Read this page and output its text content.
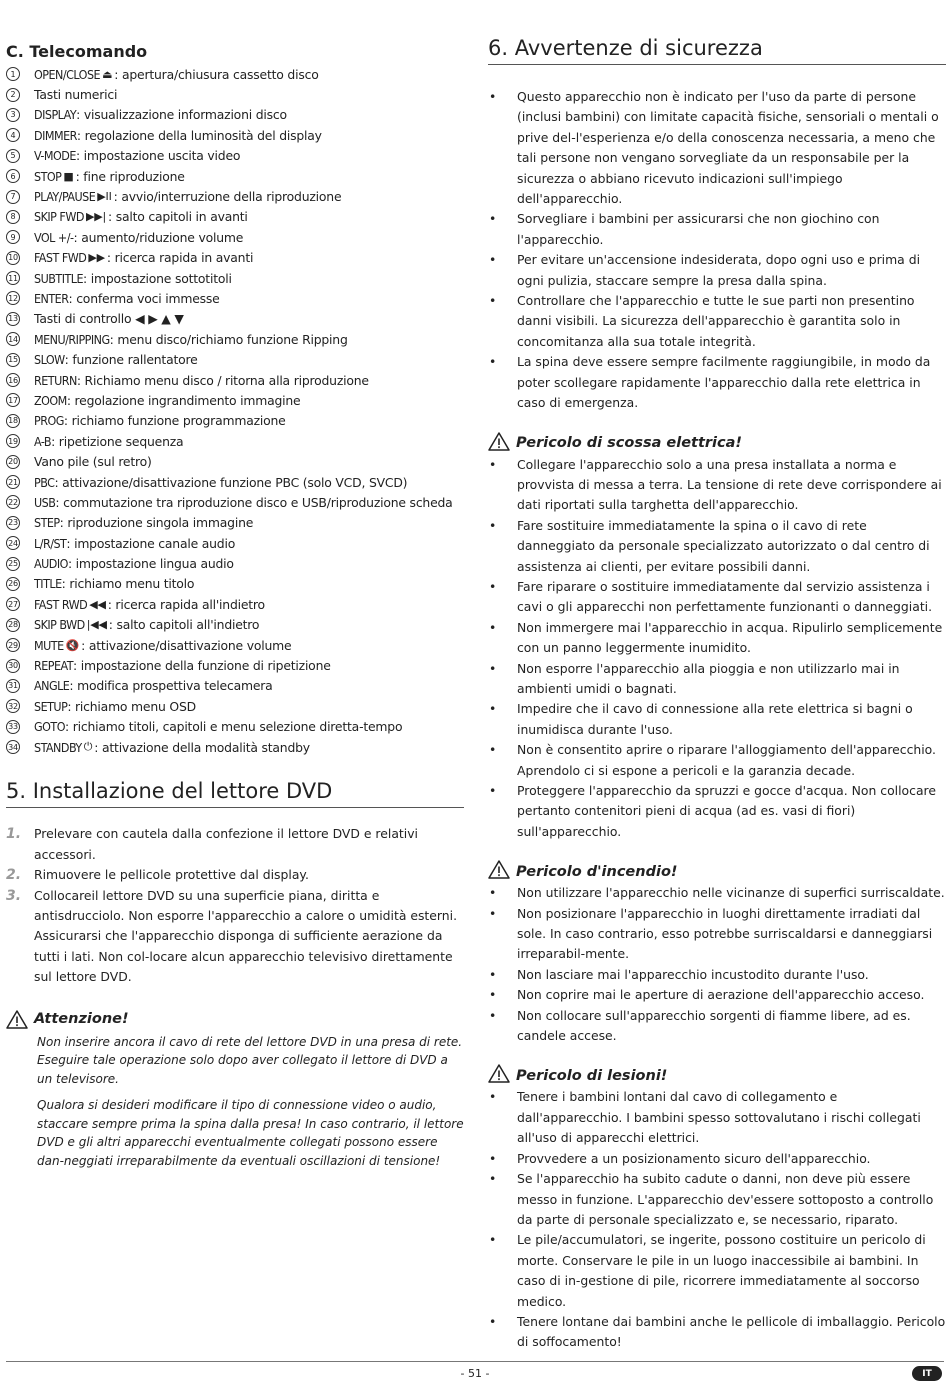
C. Telecomando
1	OPEN/CLOSE ⏏ : apertura/chiusura cassetto disco
2	Tasti numerici
3	DISPLAY : visualizzazione informazioni disco
4	DIMMER : regolazione della luminosità del display
5	V-MODE : impostazione uscita video
6	STOP ■ : fine riproduzione
7	PLAY/PAUSE ▶II : avvio/interruzione della riproduzione
8	SKIP FWD ▶▶| : salto capitoli in avanti
9	VOL +/- : aumento/riduzione volume
10 FAST FWD ▶▶ : ricerca rapida in avanti
11 SUBTITLE : impostazione sottotitoli
12 ENTER : conferma voci immesse
13 Tasti di controllo ◀ ▶ ▲ ▼
14 MENU/RIPPING : menu disco/richiamo funzione Ripping
15 SLOW : funzione rallentatore
16 RETURN : Richiamo menu disco / ritorna alla riproduzione
17 ZOOM : regolazione ingrandimento immagine
18 PROG : richiamo funzione programmazione
19 A-B : ripetizione sequenza
20 Vano pile (sul retro)
21 PBC : attivazione/disattivazione funzione PBC (solo VCD, SVCD)
22 USB : commutazione tra riproduzione disco e USB/riproduzione scheda
23 STEP : riproduzione singola immagine
24 L/R/ST : impostazione canale audio
25 AUDIO : impostazione lingua audio
26 TITLE : richiamo menu titolo
27 FAST RWD ◀◀ : ricerca rapida all'indietro
28 SKIP BWD |◀◀ : salto capitoli all'indietro
29 MUTE 🔇 : attivazione/disattivazione volume
30 REPEAT : impostazione della funzione di ripetizione
31 ANGLE : modifica prospettiva telecamera
32 SETUP : richiamo menu OSD
33 GOTO : richiamo titoli, capitoli e menu selezione diretta-tempo
34 STANDBY ⏻ : attivazione della modalità standby
5. Installazione del lettore DVD
1.	Prelevare con cautela dalla confezione il lettore DVD e relativi accessori.
2.	Rimuovere le pellicole protettive dal display.
3.	Collocareil lettore DVD su una superficie piana, diritta e antisdrucciolo. Non esporre l'apparecchio a calore o umidità esterni. Assicurarsi che l'apparecchio disponga di sufficiente aerazione da tutti i lati. Non col-locare alcun apparecchio televisivo direttamente sul lettore DVD.
Attenzione!

Non inserire ancora il cavo di rete del lettore DVD in una presa di rete. Eseguire tale operazione solo dopo aver collegato il lettore di DVD a un televisore.

Qualora si desideri modificare il tipo di connessione video o audio, staccare sempre prima la spina dalla presa! In caso contrario, il lettore DVD e gli altri apparecchi eventualmente collegati possono essere dan-neggiati irreparabilmente da eventuali oscillazioni di tensione!

6. Avvertenze di sicurezza
• Questo apparecchio non è indicato per l'uso da parte di persone (inclusi bambini) con limitate capacità fisiche, sensoriali o mentali o prive del-l'esperienza e/o della conoscenza necessaria, a meno che tali persone non vengano sorvegliate da un responsabile per la sicurezza o abbiano ricevuto indicazioni sull'impiego dell'apparecchio.
• Sorvegliare i bambini per assicurarsi che non giochino con l'apparecchio.
• Per evitare un'accensione indesiderata, dopo ogni uso e prima di ogni pulizia, staccare sempre la presa dalla spina.
• Controllare che l'apparecchio e tutte le sue parti non presentino danni visibili. La sicurezza dell'apparecchio è garantita solo in concomitanza alla sua totale integrità.
• La spina deve essere sempre facilmente raggiungibile, in modo da poter scollegare rapidamente l'apparecchio dalla rete elettrica in caso di emergenza.
Pericolo di scossa elettrica!
• Collegare l'apparecchio solo a una presa installata a norma e provvista di messa a terra. La tensione di rete deve corrispondere ai dati riportati sulla targhetta dell'apparecchio.
• Fare sostituire immediatamente la spina o il cavo di rete danneggiato da personale specializzato autorizzato o dal centro di assistenza ai clienti, per evitare possibili danni.
• Fare riparare o sostituire immediatamente dal servizio assistenza i cavi o gli apparecchi non perfettamente funzionanti o danneggiati.
• Non immergere mai l'apparecchio in acqua. Ripulirlo semplicemente con un panno leggermente inumidito.
• Non esporre l'apparecchio alla pioggia e non utilizzarlo mai in ambienti umidi o bagnati.
• Impedire che il cavo di connessione alla rete elettrica si bagni o inumidisca durante l'uso.
• Non è consentito aprire o riparare l'alloggiamento dell'apparecchio. Aprendolo ci si espone a pericoli e la garanzia decade.
• Proteggere l'apparecchio da spruzzi e gocce d'acqua. Non collocare pertanto contenitori pieni di acqua (ad es. vasi di fiori) sull'apparecchio.
Pericolo d'incendio!
• Non utilizzare l'apparecchio nelle vicinanze di superfici surriscaldate.
• Non posizionare l'apparecchio in luoghi direttamente irradiati dal sole. In caso contrario, esso potrebbe surriscaldarsi e danneggiarsi irreparabil-mente.
• Non lasciare mai l'apparecchio incustodito durante l'uso.
• Non coprire mai le aperture di aerazione dell'apparecchio acceso.
• Non collocare sull'apparecchio sorgenti di fiamme libere, ad es. candele accese.
Pericolo di lesioni!
• Tenere i bambini lontani dal cavo di collegamento e dall'apparecchio. I bambini spesso sottovalutano i rischi collegati all'uso di apparecchi elettrici.
• Provvedere a un posizionamento sicuro dell'apparecchio.
• Se l'apparecchio ha subito cadute o danni, non deve più essere messo in funzione. L'apparecchio dev'essere sottoposto a controllo da parte di personale specializzato e, se necessario, riparato.
• Le pile/accumulatori, se ingerite, possono costituire un pericolo di morte. Conservare le pile in un luogo inaccessibile ai bambini. In caso di in-gestione di pile, ricorrere immediatamente al soccorso medico.
• Tenere lontane dai bambini anche le pellicole di imballaggio. Pericolo di soffocamento!
- 51 -	IT
